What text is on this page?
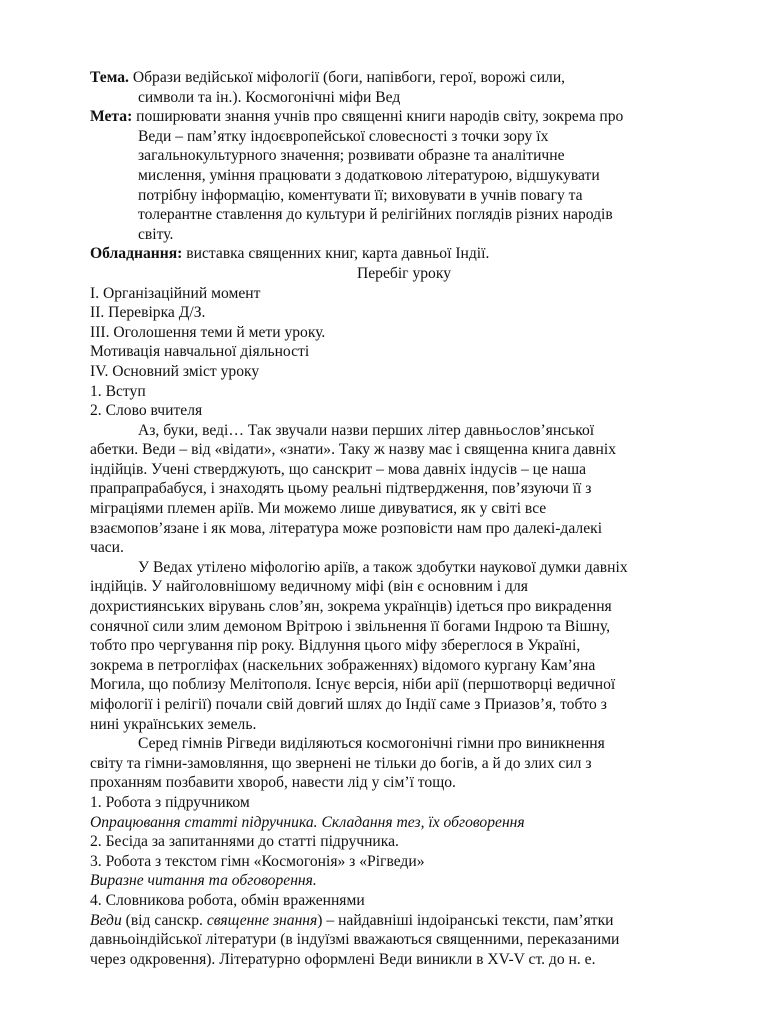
Тема. Образи ведійської міфології (боги, напівбоги, герої, ворожі сили,
символи та ін.). Космогонічні міфи Вед
Мета: поширювати знання учнів про священні книги народів світу, зокрема про
Веди – пам’ятку індоєвропейської словесності з точки зору їх
загальнокультурного значення; розвивати образне та аналітичне
мислення, уміння працювати з додатковою літературою, відшукувати
потрібну інформацію, коментувати її; виховувати в учнів повагу та
толерантне ставлення до культури й релігійних поглядів різних народів
світу.
Обладнання: виставка священних книг, карта давньої Індії.
Перебіг уроку
І. Організаційний момент
ІІ. Перевірка Д/З.
ІІІ. Оголошення теми й мети уроку.
Мотивація навчальної діяльності
ІV. Основний зміст уроку
1. Вступ
2. Слово вчителя
Аз, буки, веді… Так звучали назви перших літер давньослов’янської
абетки. Веди – від «відати», «знати». Таку ж назву має і священна книга давніх
індійців. Учені стверджують, що санскрит – мова давніх індусів – це наша
прапрапрабабуся, і знаходять цьому реальні підтвердження, пов’язуючи її з
міграціями племен аріїв. Ми можемо лише дивуватися, як у світі все
взаємопов’язане і як мова, література може розповісти нам про далекі-далекі
часи.
У Ведах утілено міфологію аріїв, а також здобутки наукової думки давніх
індійців. У найголовнішому ведичному міфі (він є основним і для
дохристиянських вірувань слов’ян, зокрема українців) ідеться про викрадення
сонячної сили злим демоном Врітрою і звільнення її богами Індрою та Вішну,
тобто про чергування пір року. Відлуння цього міфу збереглося в Україні,
зокрема в петрогліфах (наскельних зображеннях) відомого кургану Кам’яна
Могила, що поблизу Мелітополя. Існує версія, ніби арії (першотворці ведичної
міфології і релігії) почали свій довгий шлях до Індії саме з Приазов’я, тобто з
нині українських земель.
Серед гімнів Рігведи виділяються космогонічні гімни про виникнення
світу та гімни-замовляння, що звернені не тільки до богів, а й до злих сил з
проханням позбавити хвороб, навести лід у сім’ї тощо.
1. Робота з підручником
Опрацювання статті підручника. Складання тез, їх обговорення
2. Бесіда за запитаннями до статті підручника.
3. Робота з текстом гімн «Космогонія» з «Рігведи»
Виразне читання та обговорення.
4. Словникова робота, обмін враженнями
Веди (від санскр. священне знання) – найдавніші індоіранські тексти, пам’ятки
давньоіндійської літератури (в індуїзмі вважаються священними, переказаними
через одкровення). Літературно оформлені Веди виникли в XV-V ст. до н. е.
